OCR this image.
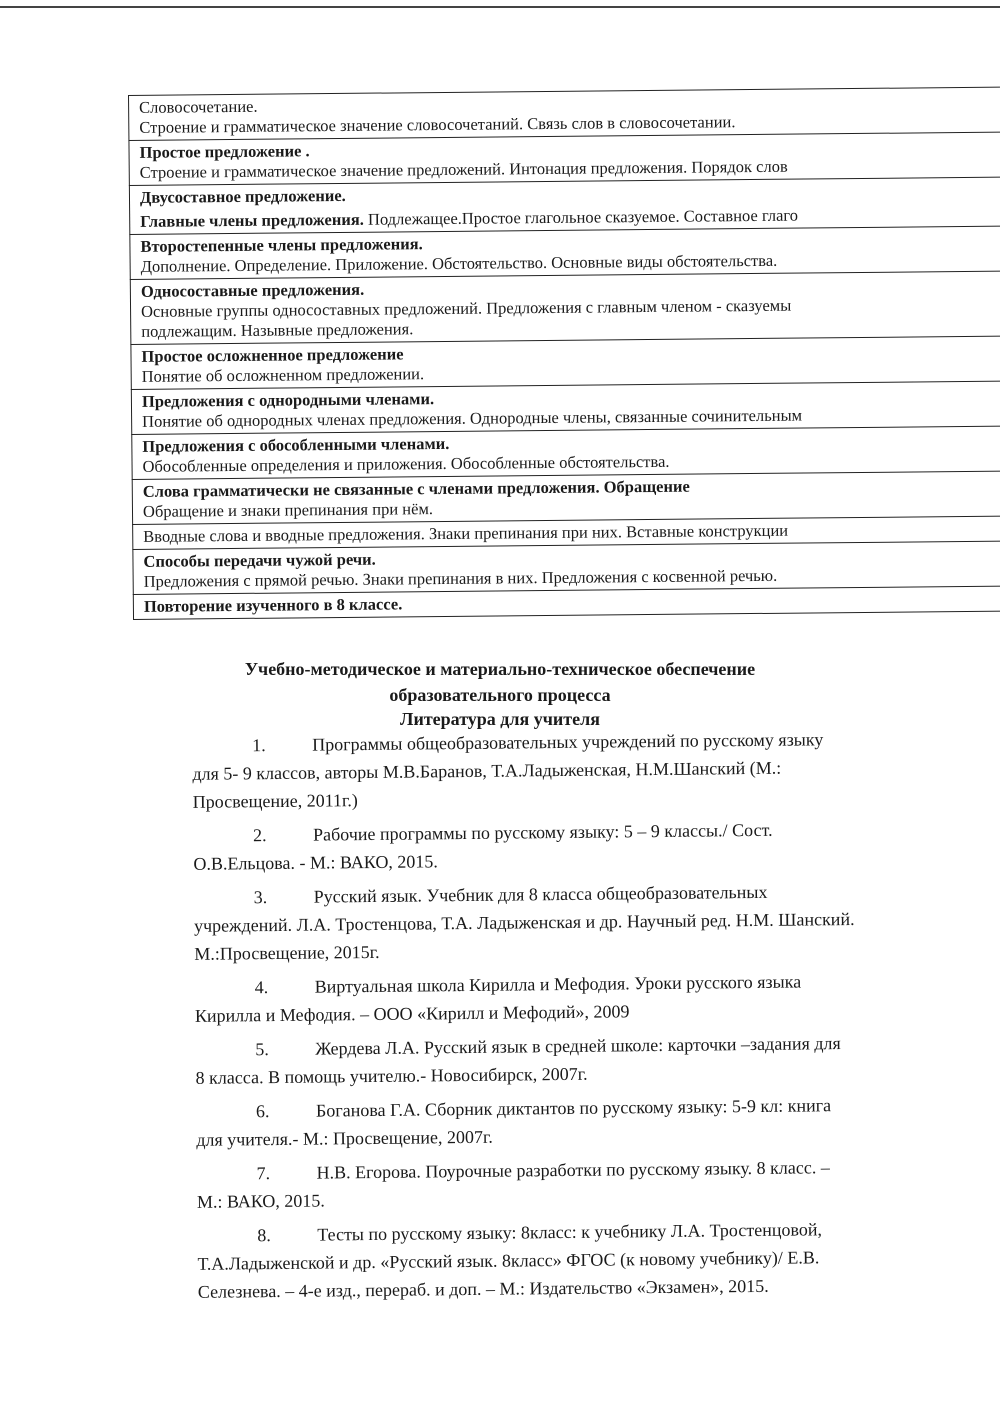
Словосочетание.
Строение и грамматическое значение словосочетаний. Связь слов в словосочетании.
Простое предложение .
Строение и грамматическое значение предложений. Интонация предложения. Порядок слов
Двусоставное предложение.
Главные члены предложения. Подлежащее.Простое глагольное сказуемое. Составное глаго
Второстепенные члены предложения.
Дополнение. Определение. Приложение. Обстоятельство. Основные виды обстоятельства.
Односоставные предложения.
Основные группы односоставных предложений. Предложения с главным членом - сказуемы
подлежащим. Назывные предложения.
Простое осложненное предложение
Понятие об осложненном предложении.
Предложения с однородными членами.
Понятие об однородных членах предложения. Однородные члены, связанные сочинительным
Предложения с обособленными членами.
Обособленные определения и приложения. Обособленные обстоятельства.
Слова грамматически не связанные с членами предложения. Обращение
Обращение и знаки препинания при нём.
Вводные слова и вводные предложения. Знаки препинания при них. Вставные конструкции
Способы передачи чужой речи.
Предложения с прямой речью. Знаки препинания в них. Предложения с косвенной речью.
Повторение изученного в 8 классе.
Учебно-методическое и материально-техническое обеспечение
образовательного процесса
Литература для учителя
1.	Программы общеобразовательных учреждений по русскому языку
для 5- 9 классов, авторы М.В.Баранов, Т.А.Ладыженская, Н.М.Шанский (М.:
Просвещение, 2011г.)
2.	Рабочие программы по русскому языку: 5 – 9 классы./ Сост.
О.В.Ельцова. - М.: ВАКО, 2015.
3.	Русский язык. Учебник для 8 класса общеобразовательных
учреждений. Л.А. Тростенцова, Т.А. Ладыженская и др. Научный ред. Н.М. Шанский.
М.:Просвещение, 2015г.
4.	Виртуальная школа Кирилла и Мефодия. Уроки русского языка
Кирилла и Мефодия. – ООО «Кирилл и Мефодий», 2009
5.	Жердева Л.А. Русский язык в средней школе: карточки –задания для
8 класса. В помощь учителю.- Новосибирск, 2007г.
6.	Боганова Г.А. Сборник диктантов по русскому языку: 5-9 кл: книга
для учителя.- М.: Просвещение, 2007г.
7.	Н.В. Егорова. Поурочные разработки по русскому языку. 8 класс. –
М.: ВАКО, 2015.
8.	Тесты по русскому языку: 8класс: к учебнику Л.А. Тростенцовой,
Т.А.Ладыженской и др. «Русский язык. 8класс» ФГОС (к новому учебнику)/ Е.В.
Селезнева. – 4-е изд., перераб. и доп. – М.: Издательство «Экзамен», 2015.
